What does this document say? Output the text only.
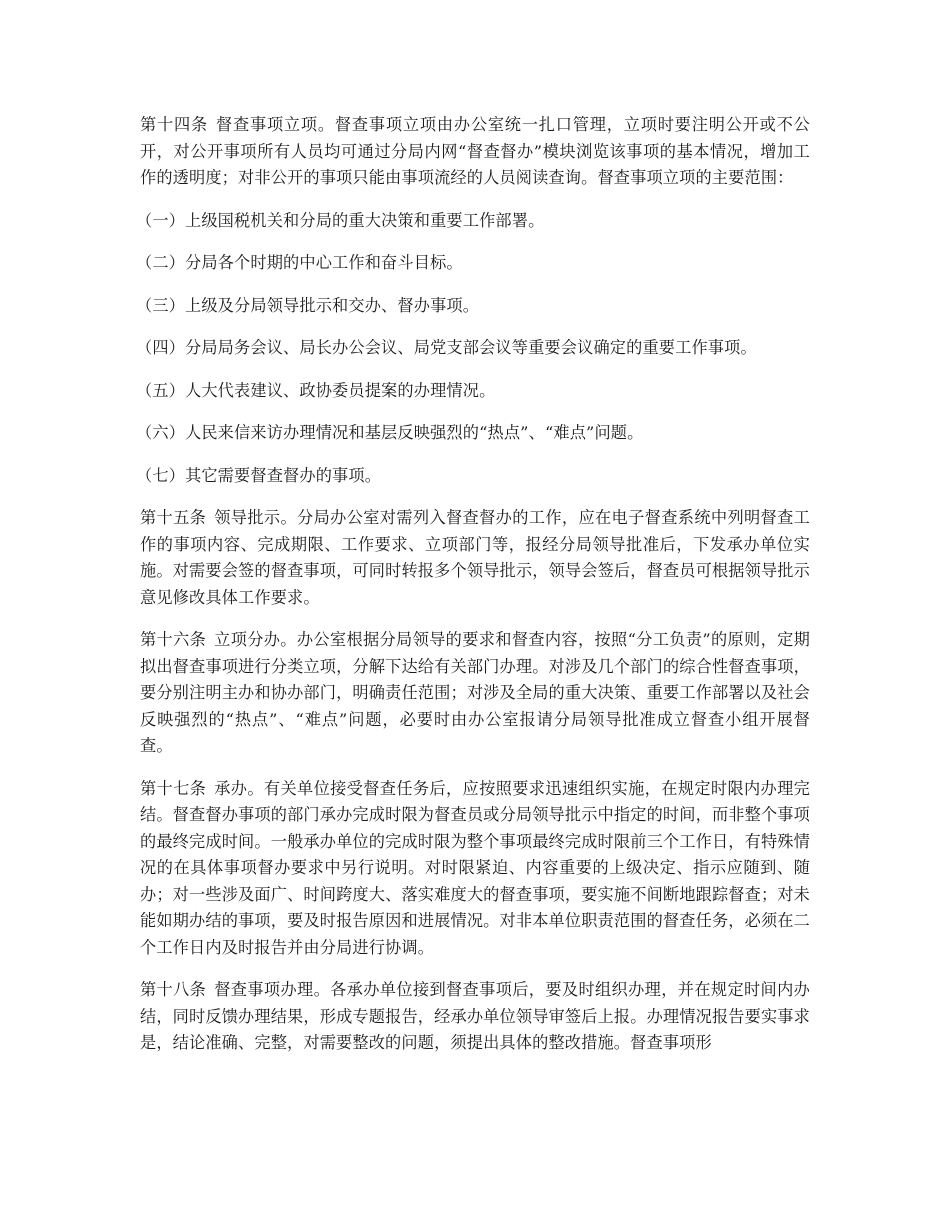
第十四条 督查事项立项。督查事项立项由办公室统一扎口管理，立项时要注明公开或不公开，对公开事项所有人员均可通过分局内网“督查督办”模块浏览该事项的基本情况，增加工作的透明度；对非公开的事项只能由事项流经的人员阅读查询。督查事项立项的主要范围：

（一）上级国税机关和分局的重大决策和重要工作部署。
（二）分局各个时期的中心工作和奋斗目标。
（三）上级及分局领导批示和交办、督办事项。
（四）分局局务会议、局长办公会议、局党支部会议等重要会议确定的重要工作事项。
（五）人大代表建议、政协委员提案的办理情况。
（六）人民来信来访办理情况和基层反映强烈的“热点”、“难点”问题。
（七）其它需要督查督办的事项。

第十五条 领导批示。分局办公室对需列入督查督办的工作，应在电子督查系统中列明督查工作的事项内容、完成期限、工作要求、立项部门等，报经分局领导批准后，下发承办单位实施。对需要会签的督查事项，可同时转报多个领导批示，领导会签后，督查员可根据领导批示意见修改具体工作要求。

第十六条 立项分办。办公室根据分局领导的要求和督查内容，按照“分工负责”的原则，定期拟出督查事项进行分类立项，分解下达给有关部门办理。对涉及几个部门的综合性督查事项，要分别注明主办和协办部门，明确责任范围；对涉及全局的重大决策、重要工作部署以及社会反映强烈的“热点”、“难点”问题，必要时由办公室报请分局领导批准成立督查小组开展督查。

第十七条 承办。有关单位接受督查任务后，应按照要求迅速组织实施，在规定时限内办理完结。督查督办事项的部门承办完成时限为督查员或分局领导批示中指定的时间，而非整个事项的最终完成时间。一般承办单位的完成时限为整个事项最终完成时限前三个工作日，有特殊情况的在具体事项督办要求中另行说明。对时限紧迫、内容重要的上级决定、指示应随到、随办；对一些涉及面广、时间跨度大、落实难度大的督查事项，要实施不间断地跟踪督查；对未能如期办结的事项，要及时报告原因和进展情况。对非本单位职责范围的督查任务，必须在二个工作日内及时报告并由分局进行协调。

第十八条 督查事项办理。各承办单位接到督查事项后，要及时组织办理，并在规定时间内办结，同时反馈办理结果，形成专题报告，经承办单位领导审签后上报。办理情况报告要实事求是，结论准确、完整，对需要整改的问题，须提出具体的整改措施。督查事项形
